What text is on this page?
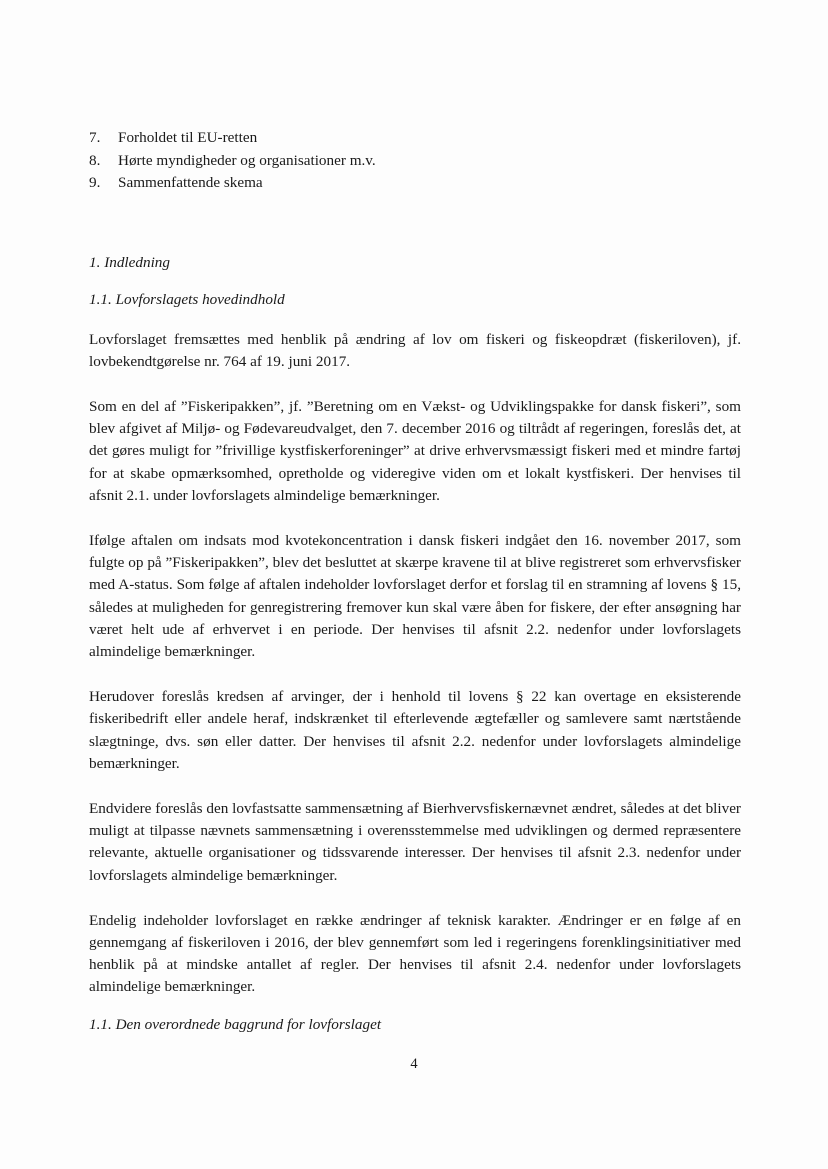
7.	Forholdet til EU-retten
8.	Hørte myndigheder og organisationer m.v.
9.	Sammenfattende skema

1. Indledning

1.1. Lovforslagets hovedindhold

Lovforslaget fremsættes med henblik på ændring af lov om fiskeri og fiskeopdræt (fiskeriloven), jf. lovbekendtgørelse nr. 764 af 19. juni 2017.

Som en del af ”Fiskeripakken”, jf. ”Beretning om en Vækst- og Udviklingspakke for dansk fiskeri”, som blev afgivet af Miljø- og Fødevareudvalget, den 7. december 2016 og tiltrådt af regeringen, foreslås det, at det gøres muligt for ”frivillige kystfiskerforeninger” at drive erhvervsmæssigt fiskeri med et mindre fartøj for at skabe opmærksomhed, opretholde og videregive viden om et lokalt kystfiskeri. Der henvises til afsnit 2.1. under lovforslagets almindelige bemærkninger.

Ifølge aftalen om indsats mod kvotekoncentration i dansk fiskeri indgået den 16. november 2017, som fulgte op på ”Fiskeripakken”, blev det besluttet at skærpe kravene til at blive registreret som erhvervsfisker med A-status. Som følge af aftalen indeholder lovforslaget derfor et forslag til en stramning af lovens § 15, således at muligheden for genregistrering fremover kun skal være åben for fiskere, der efter ansøgning har været helt ude af erhvervet i en periode. Der henvises til afsnit 2.2. nedenfor under lovforslagets almindelige bemærkninger.

Herudover foreslås kredsen af arvinger, der i henhold til lovens § 22 kan overtage en eksisterende fiskeribedrift eller andele heraf, indskrænket til efterlevende ægtefæller og samlevere samt nærtstående slægtninge, dvs. søn eller datter. Der henvises til afsnit 2.2. nedenfor under lovforslagets almindelige bemærkninger.

Endvidere foreslås den lovfastsatte sammensætning af Bierhvervsfiskernævnet ændret, således at det bliver muligt at tilpasse nævnets sammensætning i overensstemmelse med udviklingen og dermed repræsentere relevante, aktuelle organisationer og tidssvarende interesser. Der henvises til afsnit 2.3. nedenfor under lovforslagets almindelige bemærkninger.

Endelig indeholder lovforslaget en række ændringer af teknisk karakter. Ændringer er en følge af en gennemgang af fiskeriloven i 2016, der blev gennemført som led i regeringens forenklingsinitiativer med henblik på at mindske antallet af regler. Der henvises til afsnit 2.4. nedenfor under lovforslagets almindelige bemærkninger.

1.1. Den overordnede baggrund for lovforslaget

4
